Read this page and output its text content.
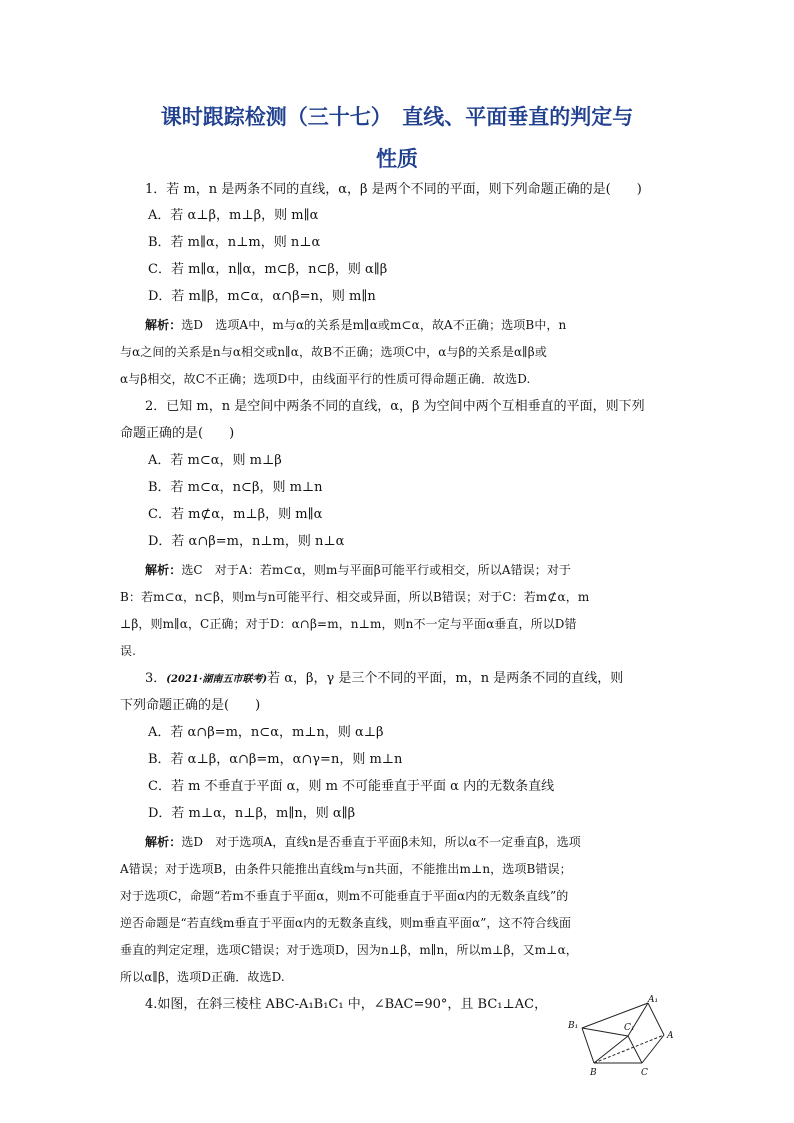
课时跟踪检测（三十七）　直线、平面垂直的判定与
性质
1．若 m，n 是两条不同的直线，α，β 是两个不同的平面，则下列命题正确的是(　　)
A．若 α⊥β，m⊥β，则 m∥α
B．若 m∥α，n⊥m，则 n⊥α
C．若 m∥α，n∥α，m⊂β，n⊂β，则 α∥β
D．若 m∥β，m⊂α，α∩β=n，则 m∥n
解析：选D　选项A中，m与α的关系是m∥α或m⊂α，故A不正确；选项B中，n
与α之间的关系是n与α相交或n∥α，故B不正确；选项C中，α与β的关系是α∥β或
α与β相交，故C不正确；选项D中，由线面平行的性质可得命题正确．故选D.
2．已知 m，n 是空间中两条不同的直线，α，β 为空间中两个互相垂直的平面，则下列
命题正确的是(　　)
A．若 m⊂α，则 m⊥β
B．若 m⊂α，n⊂β，则 m⊥n
C．若 m⊄α，m⊥β，则 m∥α
D．若 α∩β=m，n⊥m，则 n⊥α
解析：选C　对于A：若m⊂α，则m与平面β可能平行或相交，所以A错误；对于
B：若m⊂α，n⊂β，则m与n可能平行、相交或异面，所以B错误；对于C：若m⊄α，m
⊥β，则m∥α，C正确；对于D：α∩β=m，n⊥m，则n不一定与平面α垂直，所以D错
误.
3．(2021·湖南五市联考)若 α，β，γ 是三个不同的平面，m，n 是两条不同的直线，则
下列命题正确的是(　　)
A．若 α∩β=m，n⊂α，m⊥n，则 α⊥β
B．若 α⊥β，α∩β=m，α∩γ=n，则 m⊥n
C．若 m 不垂直于平面 α，则 m 不可能垂直于平面 α 内的无数条直线
D．若 m⊥α，n⊥β，m∥n，则 α∥β
解析：选D　对于选项A，直线n是否垂直于平面β未知，所以α不一定垂直β，选项
A错误；对于选项B，由条件只能推出直线m与n共面，不能推出m⊥n，选项B错误；
对于选项C，命题“若m不垂直于平面α，则m不可能垂直于平面α内的无数条直线”的
逆否命题是“若直线m垂直于平面α内的无数条直线，则m垂直平面α”，这不符合线面
垂直的判定定理，选项C错误；对于选项D，因为n⊥β，m∥n，所以m⊥β，又m⊥α，
所以α∥β，选项D正确．故选D.
4.如图，在斜三棱柱 ABC-A₁B₁C₁ 中，∠BAC=90°，且 BC₁⊥AC，	A₁
B₁	C₁
A
B	C
